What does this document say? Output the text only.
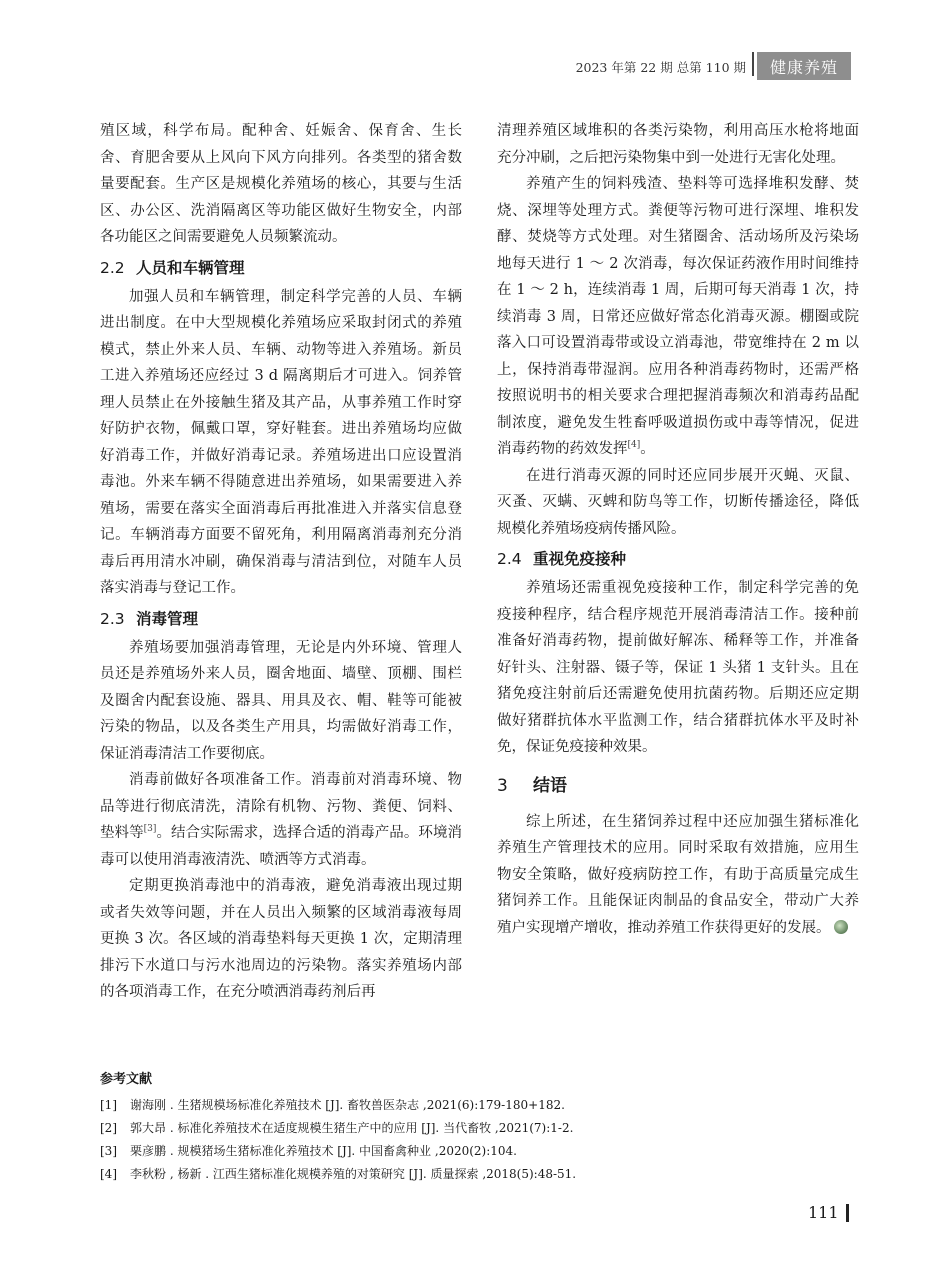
2023 年第 22 期 总第 110 期	健康养殖

殖区域，科学布局。配种舍、妊娠舍、保育舍、生长舍、育肥舍要从上风向下风方向排列。各类型的猪舍数量要配套。生产区是规模化养殖场的核心，其要与生活区、办公区、洗消隔离区等功能区做好生物安全，内部各功能区之间需要避免人员频繁流动。

2.2 人员和车辆管理

加强人员和车辆管理，制定科学完善的人员、车辆进出制度。在中大型规模化养殖场应采取封闭式的养殖模式，禁止外来人员、车辆、动物等进入养殖场。新员工进入养殖场还应经过 3 d 隔离期后才可进入。饲养管理人员禁止在外接触生猪及其产品，从事养殖工作时穿好防护衣物，佩戴口罩，穿好鞋套。进出养殖场均应做好消毒工作，并做好消毒记录。养殖场进出口应设置消毒池。外来车辆不得随意进出养殖场，如果需要进入养殖场，需要在落实全面消毒后再批准进入并落实信息登记。车辆消毒方面要不留死角，利用隔离消毒剂充分消毒后再用清水冲刷，确保消毒与清洁到位，对随车人员落实消毒与登记工作。

2.3 消毒管理

养殖场要加强消毒管理，无论是内外环境、管理人员还是养殖场外来人员，圈舍地面、墙壁、顶棚、围栏及圈舍内配套设施、器具、用具及衣、帽、鞋等可能被污染的物品，以及各类生产用具，均需做好消毒工作，保证消毒清洁工作要彻底。

消毒前做好各项准备工作。消毒前对消毒环境、物品等进行彻底清洗，清除有机物、污物、粪便、饲料、垫料等[3]。结合实际需求，选择合适的消毒产品。环境消毒可以使用消毒液清洗、喷洒等方式消毒。

定期更换消毒池中的消毒液，避免消毒液出现过期或者失效等问题，并在人员出入频繁的区域消毒液每周更换 3 次。各区域的消毒垫料每天更换 1 次，定期清理排污下水道口与污水池周边的污染物。落实养殖场内部的各项消毒工作，在充分喷洒消毒药剂后再

清理养殖区域堆积的各类污染物，利用高压水枪将地面充分冲刷，之后把污染物集中到一处进行无害化处理。

养殖产生的饲料残渣、垫料等可选择堆积发酵、焚烧、深埋等处理方式。粪便等污物可进行深埋、堆积发酵、焚烧等方式处理。对生猪圈舍、活动场所及污染场地每天进行 1 ～ 2 次消毒，每次保证药液作用时间维持在 1 ～ 2 h，连续消毒 1 周，后期可每天消毒 1 次，持续消毒 3 周，日常还应做好常态化消毒灭源。棚圈或院落入口可设置消毒带或设立消毒池，带宽维持在 2 m 以上，保持消毒带湿润。应用各种消毒药物时，还需严格按照说明书的相关要求合理把握消毒频次和消毒药品配制浓度，避免发生牲畜呼吸道损伤或中毒等情况，促进消毒药物的药效发挥[4]。

在进行消毒灭源的同时还应同步展开灭蝇、灭鼠、灭蚤、灭螨、灭蜱和防鸟等工作，切断传播途径，降低规模化养殖场疫病传播风险。

2.4 重视免疫接种

养殖场还需重视免疫接种工作，制定科学完善的免疫接种程序，结合程序规范开展消毒清洁工作。接种前准备好消毒药物，提前做好解冻、稀释等工作，并准备好针头、注射器、镊子等，保证 1 头猪 1 支针头。且在猪免疫注射前后还需避免使用抗菌药物。后期还应定期做好猪群抗体水平监测工作，结合猪群抗体水平及时补免，保证免疫接种效果。

3 结语

综上所述，在生猪饲养过程中还应加强生猪标准化养殖生产管理技术的应用。同时采取有效措施，应用生物安全策略，做好疫病防控工作，有助于高质量完成生猪饲养工作。且能保证肉制品的食品安全，带动广大养殖户实现增产增收，推动养殖工作获得更好的发展。

参考文献
[1]	谢海刚 . 生猪规模场标准化养殖技术 [J]. 畜牧兽医杂志 ,2021(6):179-180+182.
[2]	郭大昂 . 标准化养殖技术在适度规模生猪生产中的应用 [J]. 当代畜牧 ,2021(7):1-2.
[3]	栗彦鹏 . 规模猪场生猪标准化养殖技术 [J]. 中国畜禽种业 ,2020(2):104.
[4]	李秋粉 , 杨新 . 江西生猪标准化规模养殖的对策研究 [J]. 质量探索 ,2018(5):48-51.
111
